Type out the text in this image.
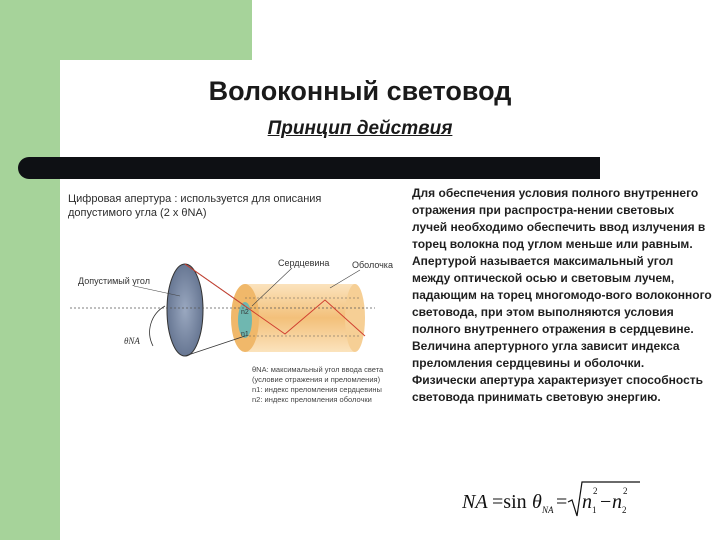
Волоконный световод
Принцип действия
Цифровая апертура : используется для описания допустимого угла (2 x θNA)
Допустимый угол
Сердцевина	Оболочка
θNA
n2
n1
θNA: максимальный угол ввода света
(условие отражения и преломления)
n1: индекс преломления сердцевины
n2: индекс преломления оболочки
Для обеспечения условия полного внутреннего отражения при распростра-нении световых лучей необходимо обеспечить ввод излучения в торец волокна под углом меньше или равным. Апертурой называется максимальный угол между оптической осью и световым лучем, падающим на торец многомодо-вого волоконного световода, при этом выполняются условия полного внутреннего отражения в сердцевине. Величина апертурного угла зависит индекса преломления сердцевины и оболочки.
Физически апертура характеризует способность световода принимать световую энергию.
NA =sin θ NA = n 1
2 − n 2
2
